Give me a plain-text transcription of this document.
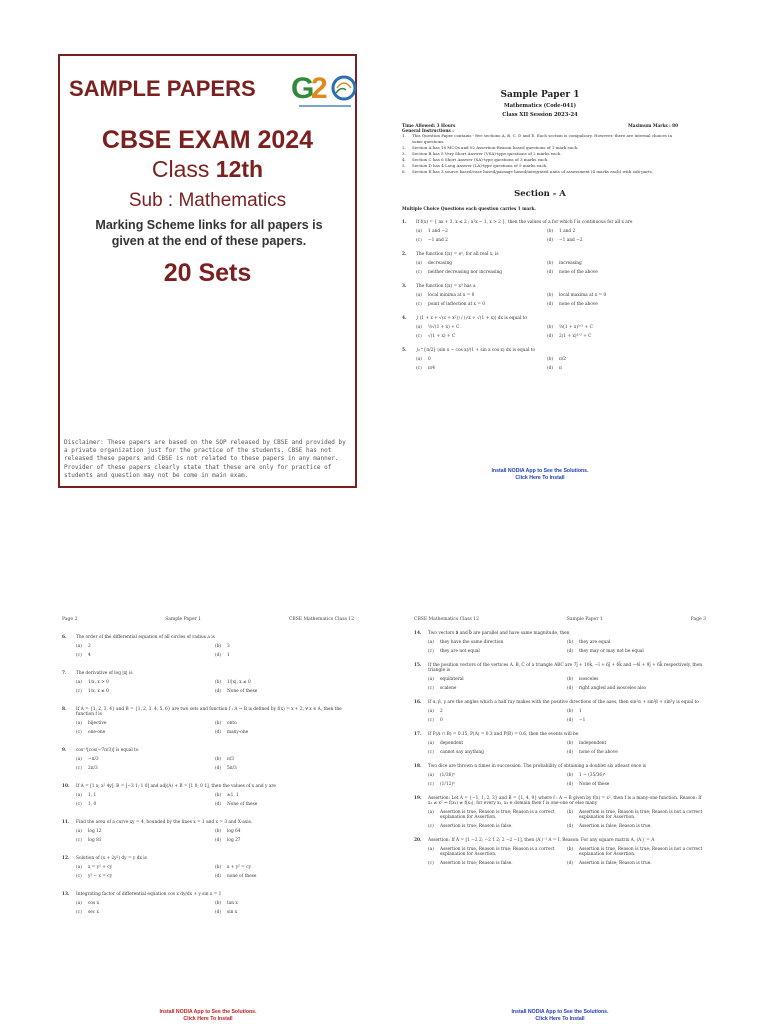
SAMPLE PAPERS G
2
CBSE EXAM 2024
Class 12th
Sub : Mathematics
Marking Scheme links for all papers is given at the end of these papers.
20 Sets
Disclaimer: These papers are based on the SQP released by CBSE and provided by a private organization just for the practice of the students. CBSE has not released these papers and CBSE is not related to these papers in any manner. Provider of these papers clearly state that these are only for practice of students and question may not be come in main exam.
Sample Paper 1
Mathematics (Code-041)
Class XII Session 2023-24
Time Allowed: 3 Hours	Maximum Marks : 80
General Instructions :
1.	This Question Paper contains - five sections A, B, C, D and E. Each section is compulsory. However, there are internal choices in some questions.
2.	Section A has 18 MCQs and 02 Assertion-Reason based questions of 1 mark each.
3.	Section B has 5 Very Short Answer (VSA)-type questions of 2 marks each.
4.	Section C has 6 Short Answer (SA)-type questions of 3 marks each.
5.	Section D has 4 Long Answer (LA)-type questions of 5 marks each.
6.	Section E has 3 source based/case based/passage based/integrated units of assessment (4 marks each) with sub-parts.
Section - A
Multiple Choice Questions each question carries 1 mark.
1.	If f(x) = { ax + 3, x ≤ 2 ; a²x − 1, x > 2 }, then the values of a for which f is continuous for all x are
(a)	1 and −2	(b)	1 and 2
(c)	−1 and 2	(d)	−1 and −2
2.	The function f(x) = eˣ, for all real x, is
(a)	decreasing	(b)	increasing
(c)	neither decreasing nor increasing	(d)	none of the above
3.	The function f(x) = x³ has a
(a)	local minima at x = 0	(b)	local maxima at x = 0
(c)	point of inflection at x = 0	(d)	none of the above
4.	∫ (1 + x + √(x + x²)) / (√x + √(1 + x)) dx is equal to
(a)	½√(1 + x) + C	(b)	⅔(1 + x)³ᐟ² + C
(c)	√(1 + x) + C	(d)	2(1 + x)³ᐟ² + C
5.	∫₀^{π/2} (sin x − cos x)/(1 + sin x cos x) dx is equal to
(a)	0	(b)	π/2
(c)	π/4	(d)	π
Install NODIA App to See the Solutions.
Click Here To Install
Page 2	Sample Paper 1	CBSE Mathematics Class 12
6.	The order of the differential equation of all circles of radius a is
(a)	2	(b)	3
(c)	4	(d)	1
7.	The derivative of log |x| is
(a)	1/x, x > 0	(b)	1/|x|, x ≠ 0
(c)	1/x, x ≠ 0	(d)	None of these
8.	If A = {1, 2, 3, 4} and B = {1, 2, 3, 4, 5, 6} are two sets and function f : A → B is defined by f(x) = x + 2, ∀ x ∈ A, then the function f is
(a)	bijective	(b)	onto
(c)	one-one	(d)	many-one
9.	cos⁻¹[cos(−7π/3)] is equal to
(a)	−π/3	(b)	π/3
(c)	2π/3	(d)	5π/3
10.	If A = [1 x; x² 4y], B = [−3 1; 1 0] and adj(A) + B = [1 0; 0 1], then the values of x and y are
(a)	1, 1	(b)	±1, 1
(c)	1, 0	(d)	None of these
11.	Find the area of a curve xy = 4, bounded by the lines x = 1 and x = 3 and X-axis.
(a)	log 12	(b)	log 64
(c)	log 81	(d)	log 27
12.	Solution of (x + 2y²) dy = y dx is
(a)	x = y² + cy	(b)	x + y² = cy
(c)	y² − x = cy	(d)	none of these
13.	Integrating factor of differential equation cos x dy/dx + y sin x = 1
(a)	cos x	(b)	tan x
(c)	sec x	(d)	sin x
Install NODIA App to See the Solutions.
Click Here To Install
CBSE Mathematics Class 12	Sample Paper 1	Page 3
14.	Two vectors a⃗ and b⃗ are parallel and have same magnitude, then
(a)	they have the same direction	(b)	they are equal
(c)	they are not equal	(d)	they may or may not be equal
15.	If the position vectors of the vertices A, B, C of a triangle ABC are 7ĵ + 10k̂, −î + 6ĵ + 6k̂ and −4î + 9ĵ + 6k̂ respectively, then triangle is
(a)	equilateral	(b)	isosceles
(c)	scalene	(d)	right angled and isosceles also
16.	If α, β, γ are the angles which a half ray makes with the positive directions of the axes, then sin²α + sin²β + sin²γ is equal to
(a)	2	(b)	1
(c)	0	(d)	−1
17.	If P(A ∩ B) = 0.15, P(A) = 0.3 and P(B) = 0.6, then the events will be
(a)	dependent	(b)	independent
(c)	cannot say anything	(d)	none of the above
18.	Two dice are thrown n times in succession. The probability of obtaining a doublet six atleast once is
(a)	(1/36)ⁿ	(b)	1 − (35/36)ⁿ
(c)	(1/12)ⁿ	(d)	None of these
19.	Assertion: Let A = {−1, 1, 2, 3} and B = {1, 4, 9} where f : A → B given by f(x) = x², then f is a many-one function. Reason: If x₁ ≠ x² ⇒ f(x₁) ≠ f(x₂), for every x₁, x₂ ∈ domain then f is one-one or else many
(a)	Assertion is true, Reason is true; Reason is a correct explanation for Assertion.
(b)	Assertion is true, Reason is true; Reason is not a correct explanation for Assertion.
(c)	Assertion is true; Reason is false.	(d)	Assertion is false; Reason is true.
20.	Assertion: If A = [1 −2 2; −2 1 2; 2 −2 −1], then (A′)⁻¹ A = I. Reason: For any square matrix A, (A′)′ = A
(a)	Assertion is true, Reason is true; Reason is a correct explanation for Assertion.
(b)	Assertion is true, Reason is true; Reason is not a correct explanation for Assertion.
(c)	Assertion is true; Reason is false.	(d)	Assertion is false; Reason is true.
Install NODIA App to See the Solutions.
Click Here To Install
